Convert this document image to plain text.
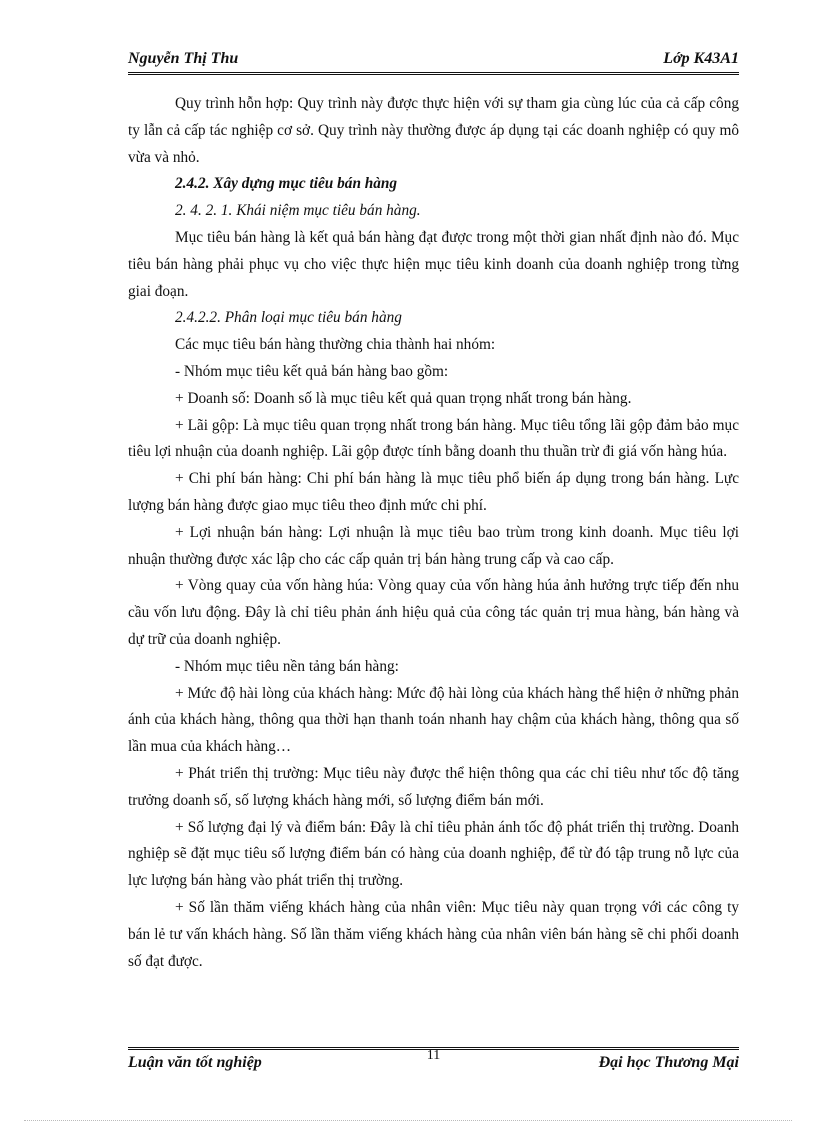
Nguyễn Thị Thu	Lớp K43A1

Quy trình hỗn hợp: Quy trình này được thực hiện với sự tham gia cùng lúc của cả cấp công ty lẫn cả cấp tác nghiệp cơ sở. Quy trình này thường được áp dụng tại các doanh nghiệp có quy mô vừa và nhỏ.

2.4.2. Xây dựng mục tiêu bán hàng

2. 4. 2. 1. Khái niệm mục tiêu bán hàng.

Mục tiêu bán hàng là kết quả bán hàng đạt được trong một thời gian nhất định nào đó. Mục tiêu bán hàng phải phục vụ cho việc thực hiện mục tiêu kinh doanh của doanh nghiệp trong từng giai đoạn.

2.4.2.2. Phân loại mục tiêu bán hàng

Các mục tiêu bán hàng thường chia thành hai nhóm:

- Nhóm mục tiêu kết quả bán hàng bao gồm:

+ Doanh số: Doanh số là mục tiêu kết quả quan trọng nhất trong bán hàng.

+ Lãi gộp: Là mục tiêu quan trọng nhất trong bán hàng. Mục tiêu tổng lãi gộp đảm bảo mục tiêu lợi nhuận của doanh nghiệp. Lãi gộp được tính bằng doanh thu thuần trừ đi giá vốn hàng húa.

+ Chi phí bán hàng: Chi phí bán hàng là mục tiêu phổ biến áp dụng trong bán hàng. Lực lượng bán hàng được giao mục tiêu theo định mức chi phí.

+ Lợi nhuận bán hàng: Lợi nhuận là mục tiêu bao trùm trong kinh doanh. Mục tiêu lợi nhuận thường được xác lập cho các cấp quản trị bán hàng trung cấp và cao cấp.

+ Vòng quay của vốn hàng húa: Vòng quay của vốn hàng húa ảnh hưởng trực tiếp đến nhu cầu vốn lưu động. Đây là chỉ tiêu phản ánh hiệu quả của công tác quản trị mua hàng, bán hàng và dự trữ của doanh nghiệp.

- Nhóm mục tiêu nền tảng bán hàng:

+ Mức độ hài lòng của khách hàng: Mức độ hài lòng của khách hàng thể hiện ở những phản ánh của khách hàng, thông qua thời hạn thanh toán nhanh hay chậm của khách hàng, thông qua số lần mua của khách hàng…

+ Phát triển thị trường: Mục tiêu này được thể hiện thông qua các chỉ tiêu như tốc độ tăng trưởng doanh số, số lượng khách hàng mới, số lượng điểm bán mới.

+ Số lượng đại lý và điểm bán: Đây là chỉ tiêu phản ánh tốc độ phát triển thị trường. Doanh nghiệp sẽ đặt mục tiêu số lượng điểm bán có hàng của doanh nghiệp, để từ đó tập trung nỗ lực của lực lượng bán hàng vào phát triển thị trường.

+ Số lần thăm viếng khách hàng của nhân viên: Mục tiêu này quan trọng với các công ty bán lẻ tư vấn khách hàng. Số lần thăm viếng khách hàng của nhân viên bán hàng sẽ chi phối doanh số đạt được.

Luận văn tốt nghiệp	11	Đại học Thương Mại
